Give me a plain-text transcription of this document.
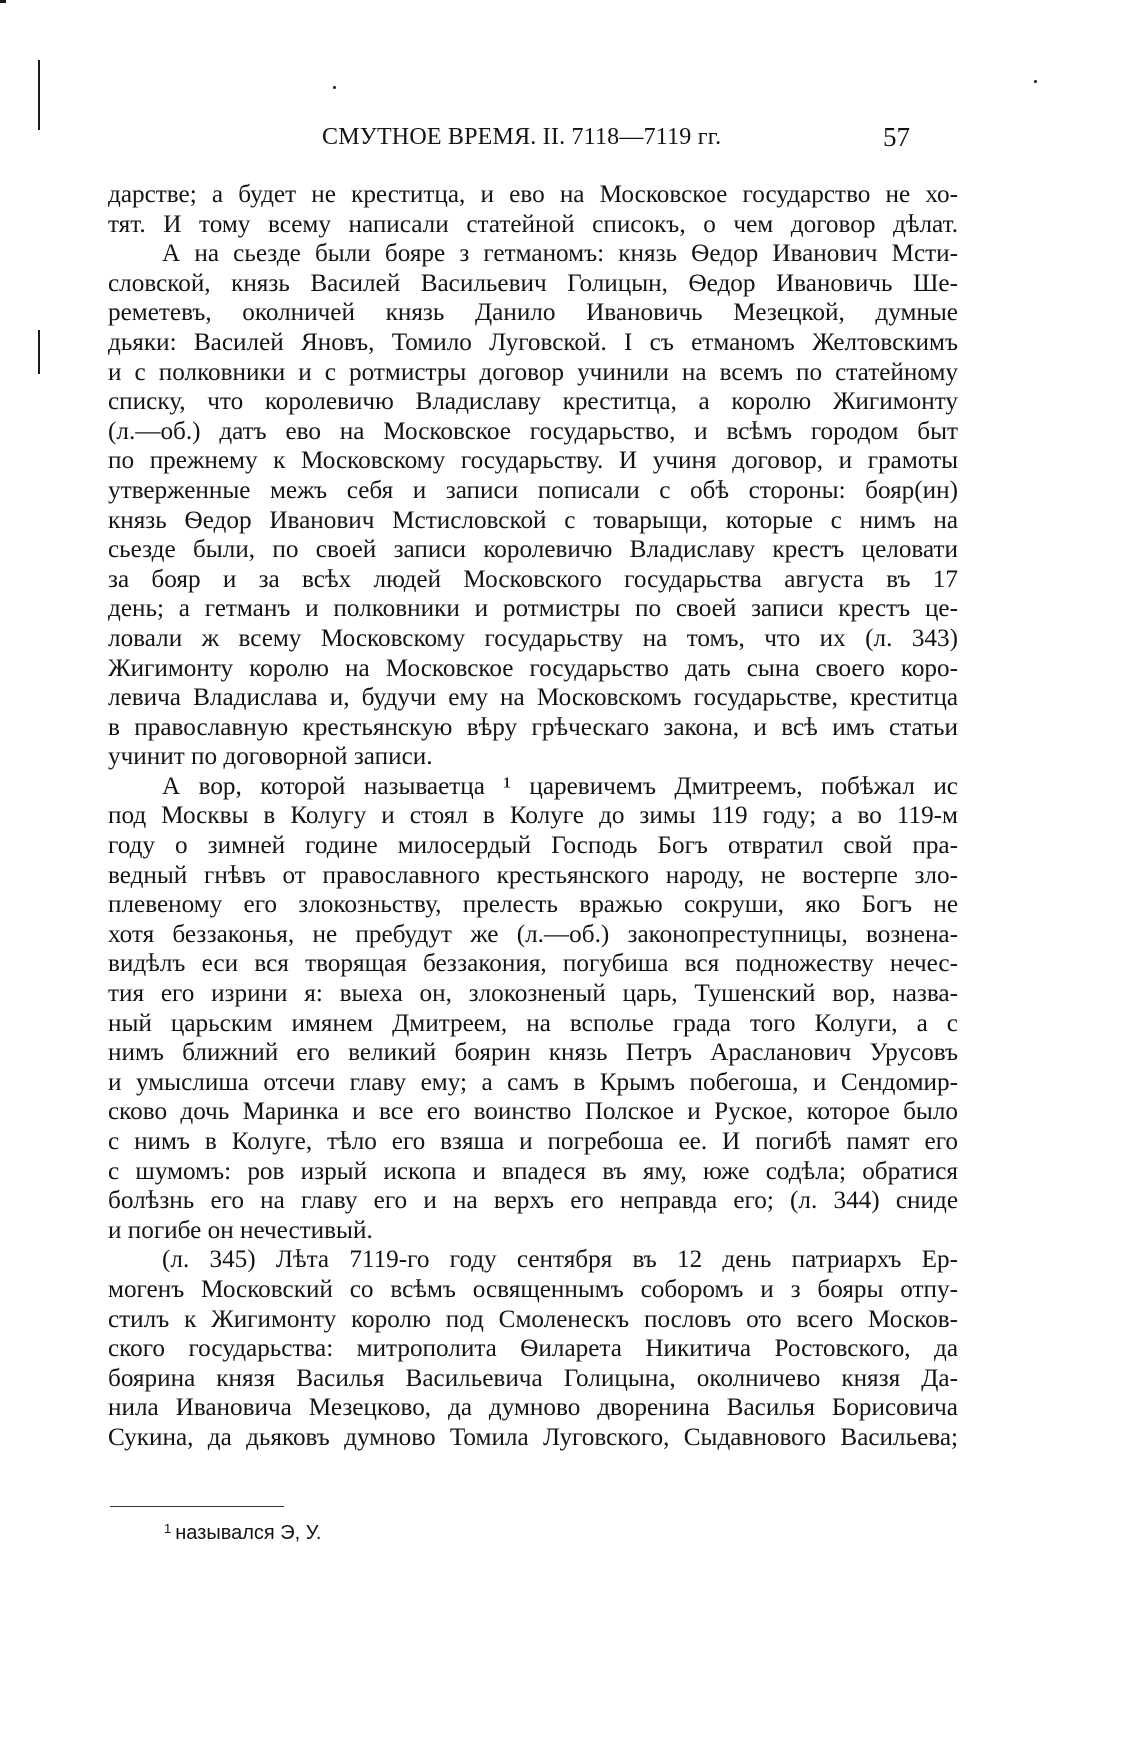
СМУТНОЕ ВРЕМЯ. II. 7118—7119 гг.	57
дарстве; а будет не креститца, и ево на Московское государство не хо-
тят. И тому всему написали статейной списокъ, о чем договор дѣлат.
А на сьезде были бояре з гетманомъ: князь Ѳедор Иванович Мсти-
словской, князь Василей Васильевич Голицын, Ѳедор Ивановичь Ше-
реметевъ, околничей князь Данило Ивановичь Мезецкой, думные
дьяки: Василей Яновъ, Томило Луговской. I съ етманомъ Желтовскимъ
и с полковники и с ротмистры договор учинили на всемъ по статейному
списку, что королевичю Владиславу креститца, а королю Жигимонту
(л.—об.) датъ ево на Московское государьство, и всѣмъ городом быт
по прежнему к Московскому государьству. И учиня договор, и грамоты
утверженные межъ себя и записи пописали с обѣ стороны: бояр(ин)
князь Ѳедор Иванович Мстисловской с товарыщи, которые с нимъ на
сьезде были, по своей записи королевичю Владиславу крестъ целовати
за бояр и за всѣх людей Московского государьства августа въ 17
день; а гетманъ и полковники и ротмистры по своей записи крестъ це-
ловали ж всему Московскому государьству на томъ, что их (л. 343)
Жигимонту королю на Московское государьство дать сына своего коро-
левича Владислава и, будучи ему на Московскомъ государьстве, креститца
в православную крестьянскую вѣру грѣческаго закона, и всѣ имъ статьи
учинит по договорной записи.
А вор, которой называетца ¹ царевичемъ Дмитреемъ, побѣжал ис
под Москвы в Колугу и стоял в Колуге до зимы 119 году; а во 119-м
году о зимней године милосердый Господь Богъ отвратил свой пра-
ведный гнѣвъ от православного крестьянского народу, не востерпе зло-
плевеному его злокозньству, прелесть вражью сокруши, яко Богъ не
хотя беззаконья, не пребудут же (л.—об.) законопреступницы, вознена-
видѣлъ еси вся творящая беззакония, погубиша вся подножеству нечес-
тия его изрини я: выеха он, злокозненый царь, Тушенский вор, назва-
ный царьским имянем Дмитреем, на всполье града того Колуги, а с
нимъ ближний его великий боярин князь Петръ Арасланович Урусовъ
и умыслиша отсечи главу ему; а самъ в Крымъ побегоша, и Сендомир-
сково дочь Маринка и все его воинство Полское и Руское, которое было
с нимъ в Колуге, тѣло его взяша и погребоша ее. И погибѣ памят его
с шумомъ: ров изрый ископа и впадеся въ яму, юже содѣла; обратися
болѣзнь его на главу его и на верхъ его неправда его; (л. 344) сниде
и погибе он нечестивый.
(л. 345) Лѣта 7119-го году сентября въ 12 день патриархъ Ер-
могенъ Московский со всѣмъ освященнымъ соборомъ и з бояры отпу-
стилъ к Жигимонту королю под Смоленескъ пословъ ото всего Москов-
ского государьства: митрополита Ѳиларета Никитича Ростовского, да
боярина князя Василья Васильевича Голицына, околничево князя Да-
нила Ивановича Мезецково, да думново дворенина Василья Борисовича
Сукина, да дьяковъ думново Томила Луговского, Сыдавнового Васильева;
$^1$ назывался Э, У.
